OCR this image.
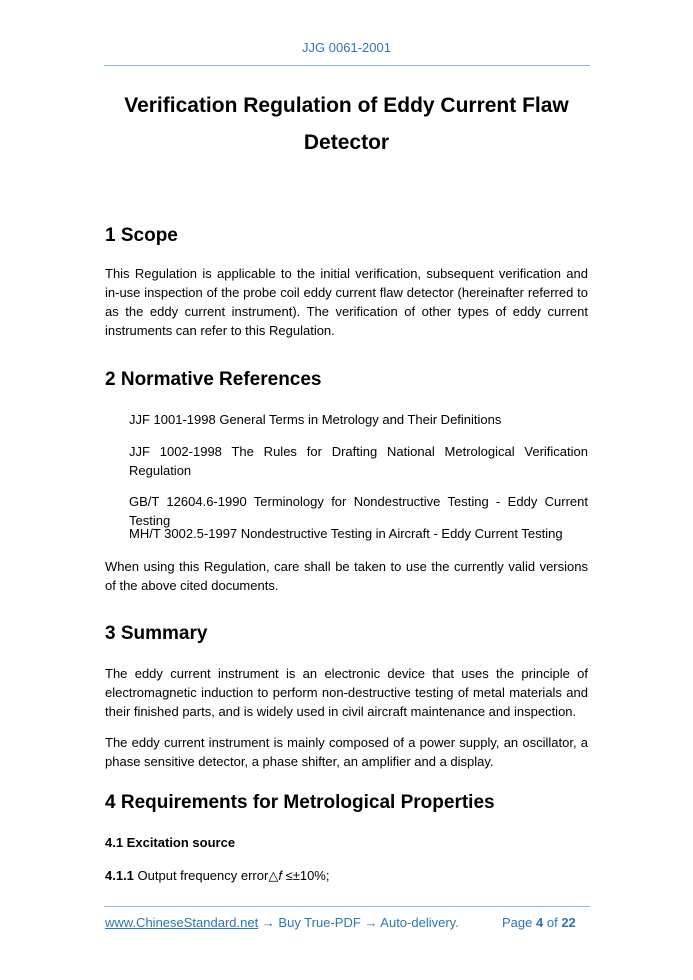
JJG 0061-2001
Verification Regulation of Eddy Current Flaw
Detector
1 Scope
This Regulation is applicable to the initial verification, subsequent verification and in-use inspection of the probe coil eddy current flaw detector (hereinafter referred to as the eddy current instrument). The verification of other types of eddy current instruments can refer to this Regulation.
2 Normative References
JJF 1001-1998 General Terms in Metrology and Their Definitions
JJF 1002-1998 The Rules for Drafting National Metrological Verification Regulation
GB/T 12604.6-1990 Terminology for Nondestructive Testing - Eddy Current Testing
MH/T 3002.5-1997 Nondestructive Testing in Aircraft - Eddy Current Testing
When using this Regulation, care shall be taken to use the currently valid versions of the above cited documents.
3 Summary
The eddy current instrument is an electronic device that uses the principle of electromagnetic induction to perform non-destructive testing of metal materials and their finished parts, and is widely used in civil aircraft maintenance and inspection.
The eddy current instrument is mainly composed of a power supply, an oscillator, a phase sensitive detector, a phase shifter, an amplifier and a display.
4 Requirements for Metrological Properties
4.1 Excitation source
4.1.1 Output frequency error△f ≤±10%;
www.ChineseStandard.net → Buy True-PDF → Auto-delivery.	Page 4 of 22
